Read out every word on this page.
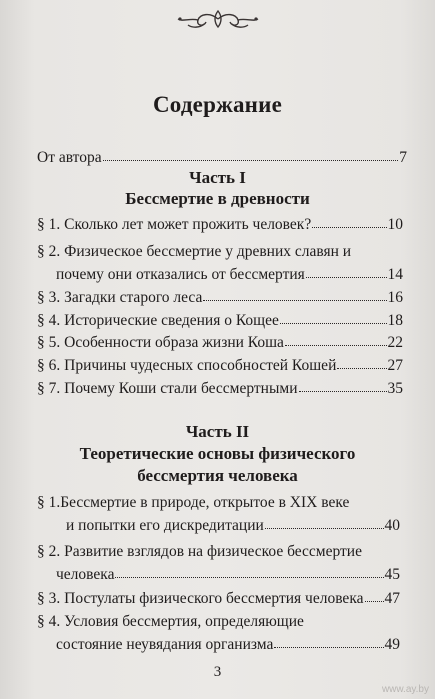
Содержание
От автора	7
Часть I
Бессмертие в древности
§ 1. Сколько лет может прожить человек?	10
§ 2. Физическое бессмертие у древних славян и
почему они отказались от бессмертия	14
§ 3. Загадки старого леса	16
§ 4. Исторические сведения о Кощее	18
§ 5. Особенности образа жизни Коша	22
§ 6. Причины чудесных способностей Кошей	27
§ 7. Почему Коши стали бессмертными	35
Часть II
Теоретические основы физического
бессмертия человека
§ 1.Бессмертие в природе, открытое в XIX веке
и попытки его дискредитации	40
§ 2. Развитие взглядов на физическое бессмертие
человека	45
§ 3. Постулаты физического бессмертия человека 47
§ 4. Условия бессмертия, определяющие
состояние неувядания организма	49
3
www.ay.by
